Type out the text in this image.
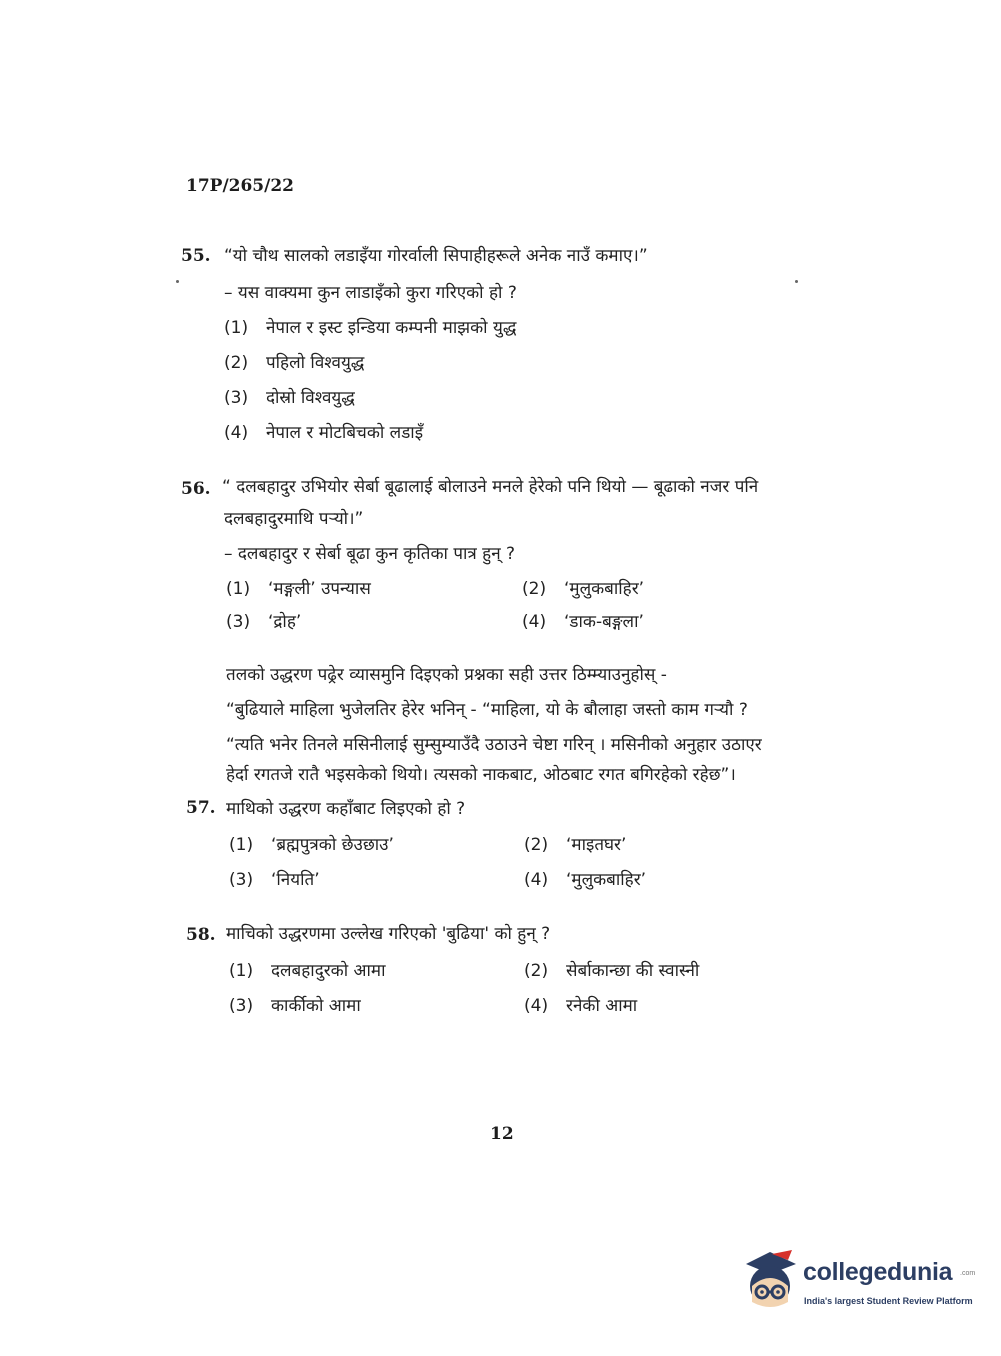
17P/265/22
55. “यो चौथ सालको लडाइँया गोरर्वाली सिपाहीहरूले अनेक नाउँ कमाए।”
– यस वाक्यमा कुन लाडाइँको कुरा गरिएको हो ?
(1) नेपाल र इस्ट इन्डिया कम्पनी माझको युद्ध
(2) पहिलो विश्वयुद्ध
(3) दोस्रो विश्वयुद्ध
(4) नेपाल र मोटबिचको लडाइँ
56. “ दलबहादुर उभियोर सेर्बा बूढालाई बोलाउने मनले हेरेको पनि थियो — बूढाको नजर पनि
दलबहादुरमाथि पऱ्यो।”
– दलबहादुर र सेर्बा बूढा कुन कृतिका पात्र हुन् ?
(1) ‘मङ्गली’ उपन्यास	(2) ‘मुलुकबाहिर’
(3) ‘द्रोह’	(4) ‘डाक-बङ्गला’
तलको उद्धरण पढ्रेर व्यासमुनि दिइएको प्रश्नका सही उत्तर ठिम्म्याउनुहोस् -
“बुढियाले माहिला भुजेलतिर हेरेर भनिन् - “माहिला, यो के बौलाहा जस्तो काम गऱ्यौ ?
“त्यति भनेर तिनले मसिनीलाई सुम्सुम्याउँदै उठाउने चेष्टा गरिन् । मसिनीको अनुहार उठाएर
हेर्दा रगतजे रातै भइसकेको थियो। त्यसको नाकबाट, ओठबाट रगत बगिरहेको रहेछ”।
57. माथिको उद्धरण कहाँबाट लिइएको हो ?
(1) ‘ब्रह्मपुत्रको छेउछाउ’	(2) ‘माइतघर’
(3) ‘नियति’	(4) ‘मुलुकबाहिर’
58. माचिको उद्धरणमा उल्लेख गरिएको 'बुढिया' को हुन् ?
(1) दलबहादुरको आमा	(2) सेर्बाकान्छा की स्वास्नी
(3) कार्कीको आमा	(4) रनेकी आमा
12
collegedunia .com
India's largest Student Review Platform
